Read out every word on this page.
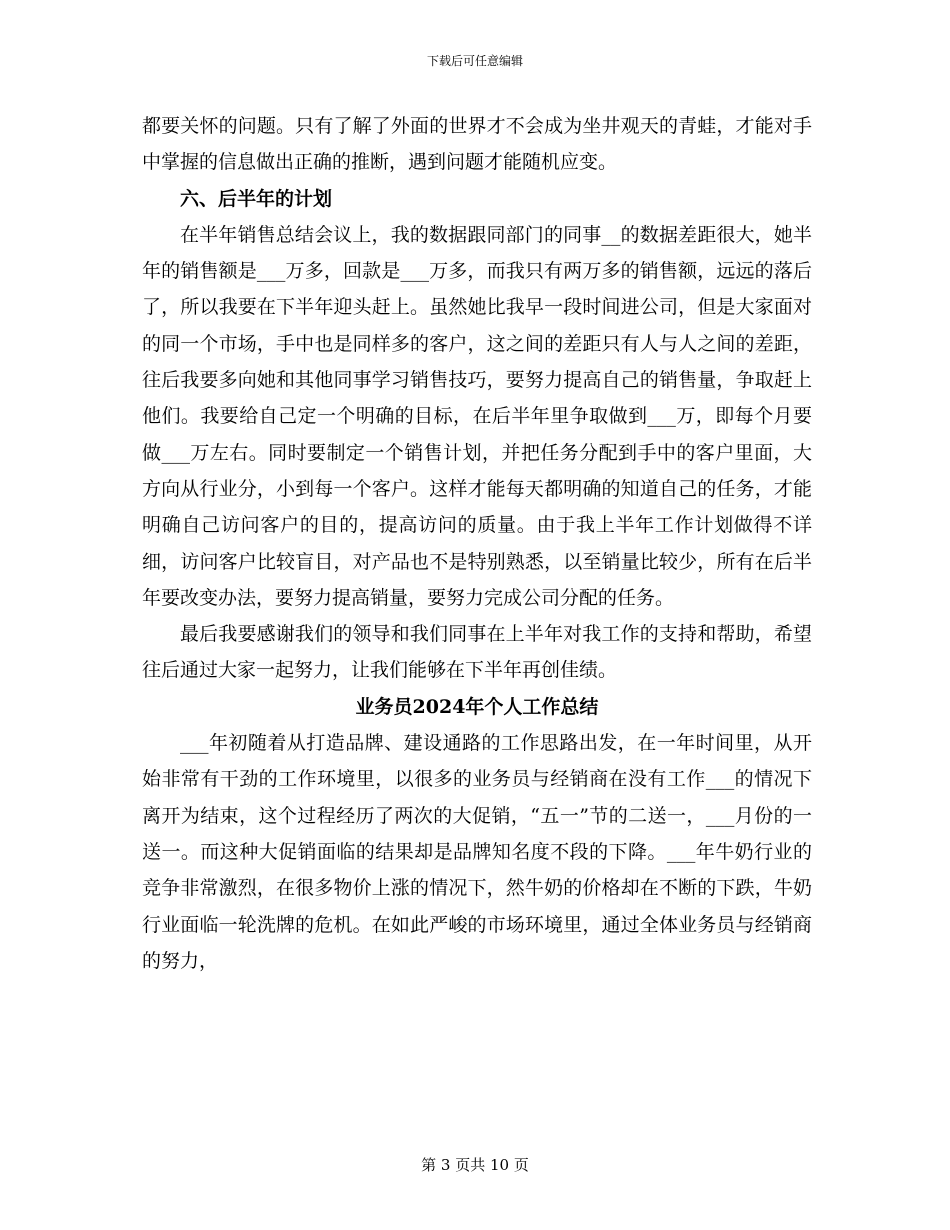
下载后可任意编辑

都要关怀的问题。只有了解了外面的世界才不会成为坐井观天的青蛙，才能对手中掌握的信息做出正确的推断，遇到问题才能随机应变。

六、后半年的计划

在半年销售总结会议上，我的数据跟同部门的同事__的数据差距很大，她半年的销售额是___万多，回款是___万多，而我只有两万多的销售额，远远的落后了，所以我要在下半年迎头赶上。虽然她比我早一段时间进公司，但是大家面对的同一个市场，手中也是同样多的客户，这之间的差距只有人与人之间的差距，往后我要多向她和其他同事学习销售技巧，要努力提高自己的销售量，争取赶上他们。我要给自己定一个明确的目标，在后半年里争取做到___万，即每个月要做___万左右。同时要制定一个销售计划，并把任务分配到手中的客户里面，大方向从行业分，小到每一个客户。这样才能每天都明确的知道自己的任务，才能明确自己访问客户的目的，提高访问的质量。由于我上半年工作计划做得不详细，访问客户比较盲目，对产品也不是特别熟悉，以至销量比较少，所有在后半年要改变办法，要努力提高销量，要努力完成公司分配的任务。

最后我要感谢我们的领导和我们同事在上半年对我工作的支持和帮助，希望往后通过大家一起努力，让我们能够在下半年再创佳绩。

业务员2024年个人工作总结

___年初随着从打造品牌、建设通路的工作思路出发，在一年时间里，从开始非常有干劲的工作环境里，以很多的业务员与经销商在没有工作___的情况下离开为结束，这个过程经历了两次的大促销，“五一”节的二送一，___月份的一送一。而这种大促销面临的结果却是品牌知名度不段的下降。___年牛奶行业的竞争非常激烈，在很多物价上涨的情况下，然牛奶的价格却在不断的下跌，牛奶行业面临一轮洗牌的危机。在如此严峻的市场环境里，通过全体业务员与经销商的努力，

第 3 页共 10 页
